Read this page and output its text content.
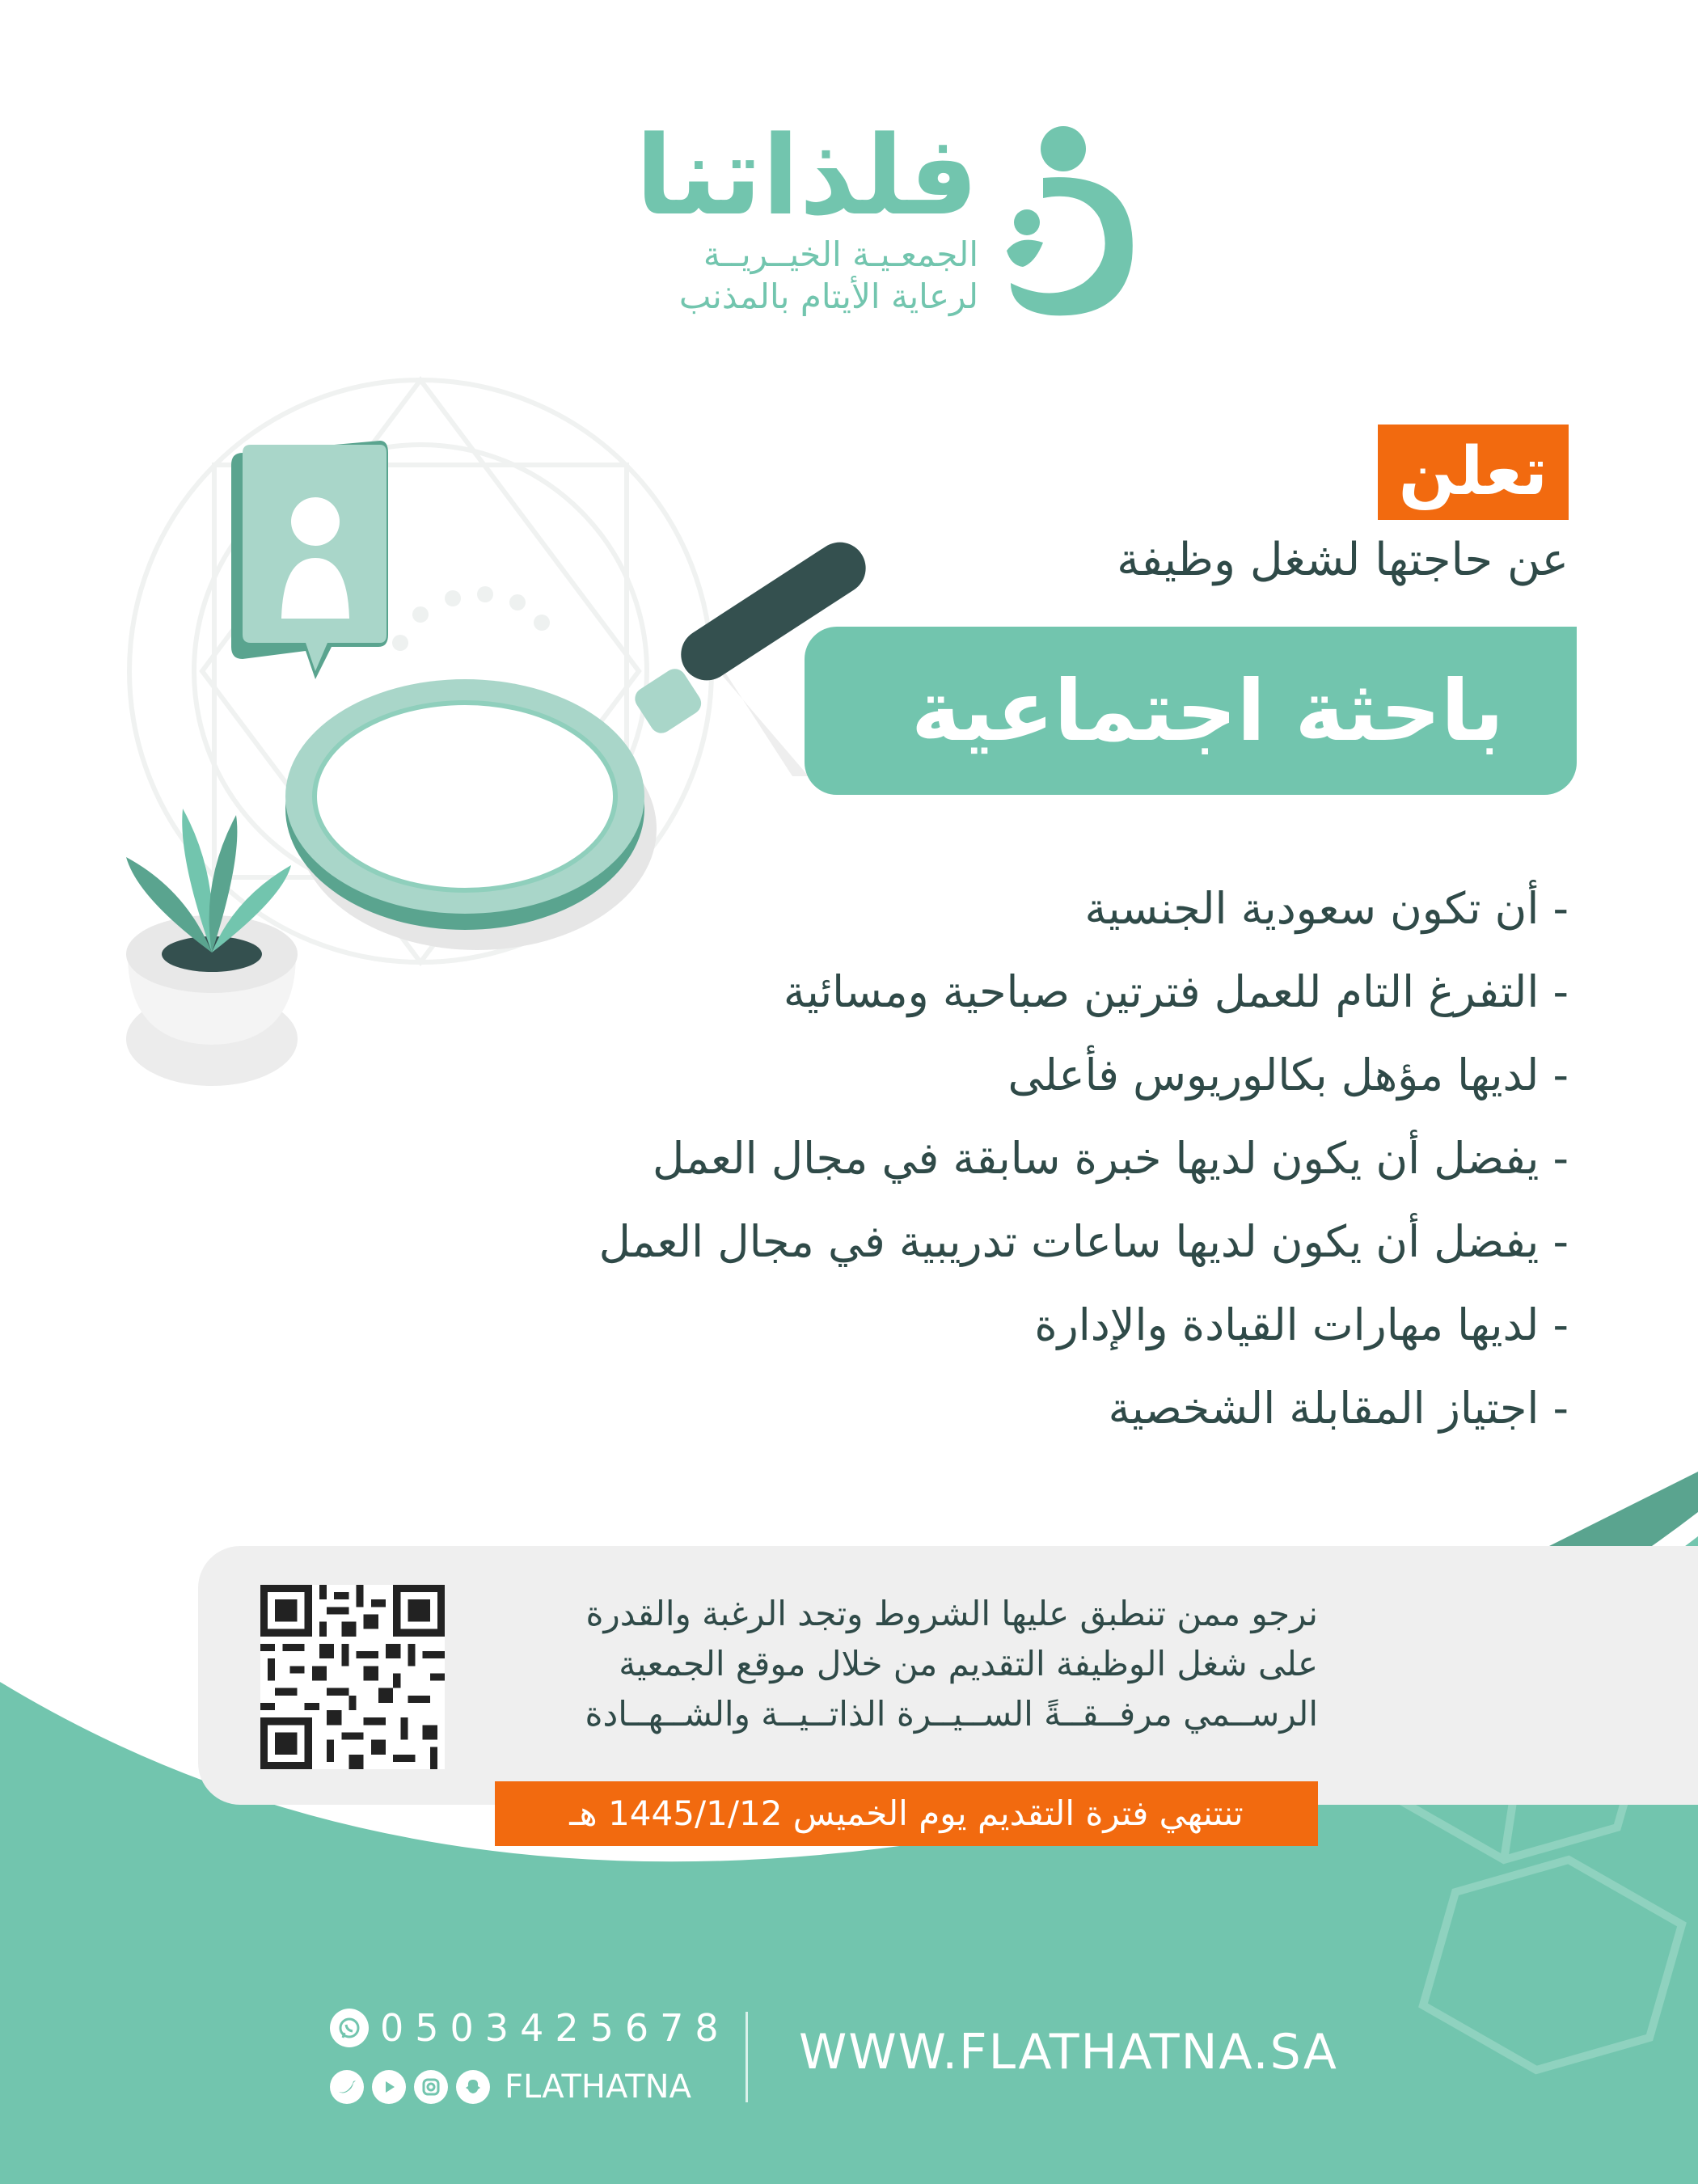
فلذاتنا
الجمعـيـة الخيــريــة
لرعاية الأيتام بالمذنب
تعلن
عن حاجتها لشغل وظيفة
باحثة اجتماعية
- أن تكون سعودية الجنسية
- التفرغ التام للعمل فترتين صباحية ومسائية
- لديها مؤهل بكالوريوس فأعلى
- يفضل أن يكون لديها خبرة سابقة في مجال العمل
- يفضل أن يكون لديها ساعات تدريبية في مجال العمل
- لديها مهارات القيادة والإدارة
- اجتياز المقابلة الشخصية

نرجو ممن تنطبق عليها الشروط وتجد الرغبة والقدرة

على شغل الوظيفة التقديم من خلال موقع الجمعية

الرســمي مرفــقــةً الســيــرة الذاتــيــة والشــهــادة

تنتنهي فترة التقديم يوم الخميس 1445/1/12 هـ
0503425678
FLATHATNA
WWW.FLATHATNA.SA
